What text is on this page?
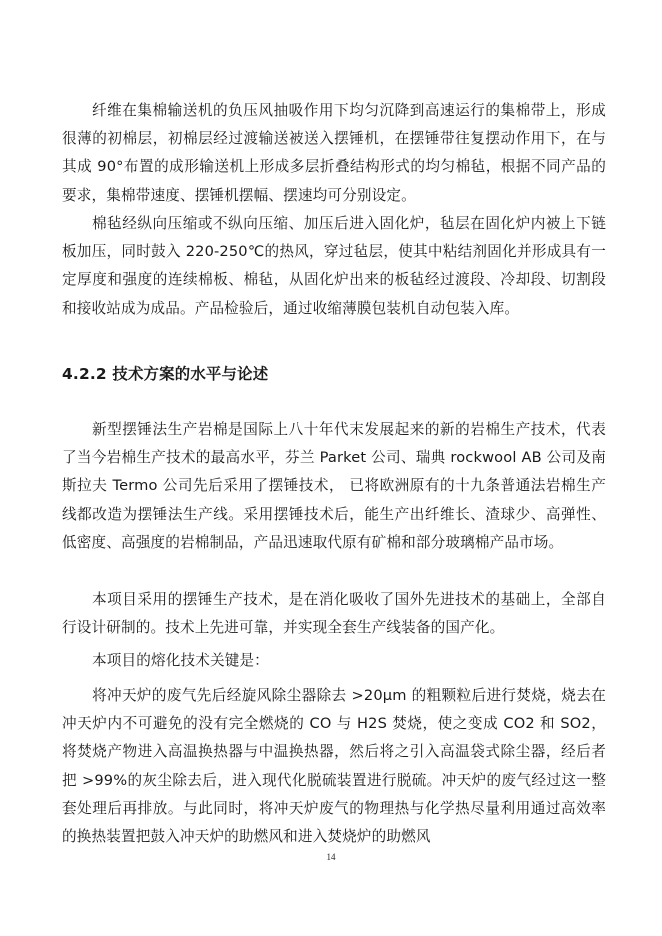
纤维在集棉输送机的负压风抽吸作用下均匀沉降到高速运行的集棉带上，形成很薄的初棉层，初棉层经过渡输送被送入摆锤机，在摆锤带往复摆动作用下，在与其成 90°布置的成形输送机上形成多层折叠结构形式的均匀棉毡，根据不同产品的要求，集棉带速度、摆锤机摆幅、摆速均可分别设定。

棉毡经纵向压缩或不纵向压缩、加压后进入固化炉，毡层在固化炉内被上下链板加压，同时鼓入 220-250℃的热风，穿过毡层，使其中粘结剂固化并形成具有一定厚度和强度的连续棉板、棉毡，从固化炉出来的板毡经过渡段、冷却段、切割段和接收站成为成品。产品检验后，通过收缩薄膜包装机自动包装入库。

4.2.2 技术方案的水平与论述

新型摆锤法生产岩棉是国际上八十年代末发展起来的新的岩棉生产技术，代表了当今岩棉生产技术的最高水平，芬兰 Parket 公司、瑞典 rockwool AB 公司及南斯拉夫 Termo 公司先后采用了摆锤技术， 已将欧洲原有的十九条普通法岩棉生产线都改造为摆锤法生产线。采用摆锤技术后，能生产出纤维长、渣球少、高弹性、低密度、高强度的岩棉制品，产品迅速取代原有矿棉和部分玻璃棉产品市场。

本项目采用的摆锤生产技术，是在消化吸收了国外先进技术的基础上，全部自行设计研制的。技术上先进可靠，并实现全套生产线装备的国产化。

本项目的熔化技术关键是：

将冲天炉的废气先后经旋风除尘器除去 >20μm 的粗颗粒后进行焚烧，烧去在冲天炉内不可避免的没有完全燃烧的 CO 与 H2S 焚烧，使之变成 CO2 和 SO2，将焚烧产物进入高温换热器与中温换热器，然后将之引入高温袋式除尘器，经后者把 >99%的灰尘除去后，进入现代化脱硫装置进行脱硫。冲天炉的废气经过这一整套处理后再排放。与此同时，将冲天炉废气的物理热与化学热尽量利用通过高效率的换热装置把鼓入冲天炉的助燃风和进入焚烧炉的助燃风

14
